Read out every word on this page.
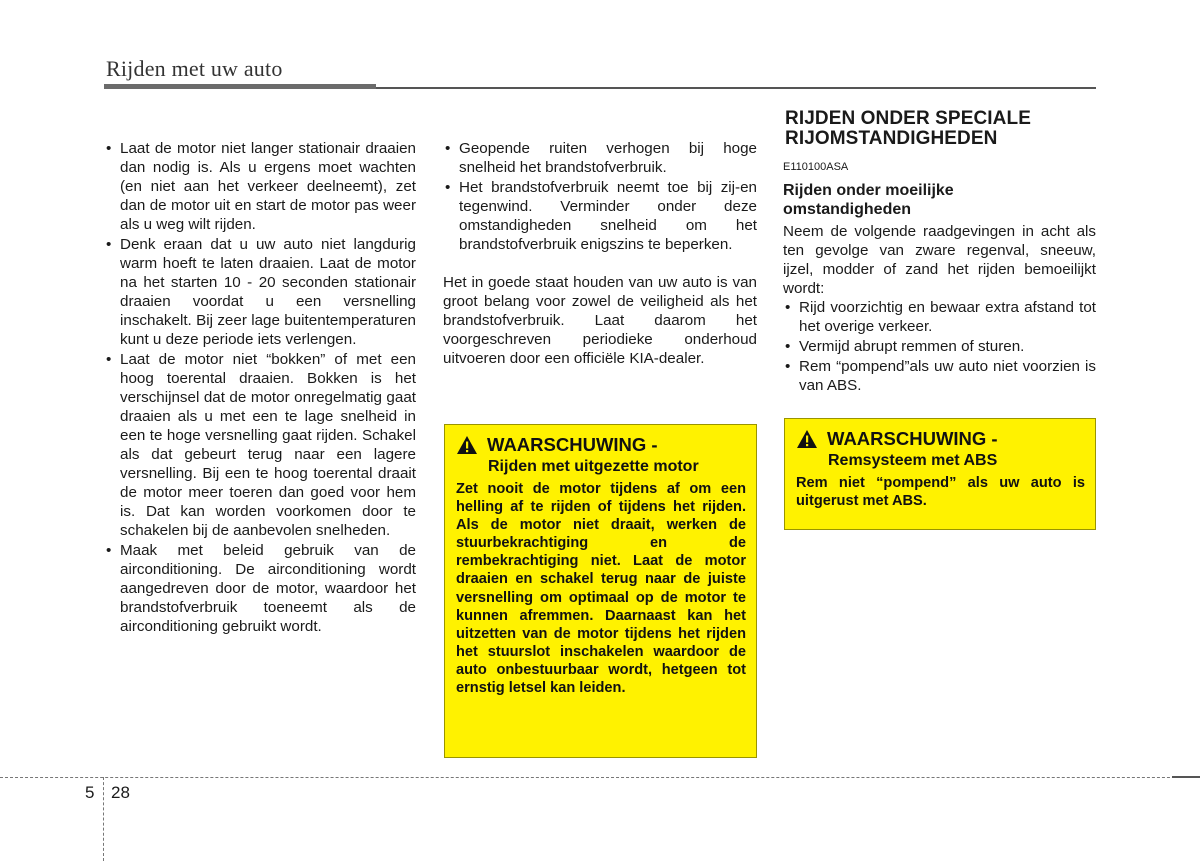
Rijden met uw auto
• Laat de motor niet langer stationair draaien dan nodig is. Als u ergens moet wachten (en niet aan het verkeer deelneemt), zet dan de motor uit en start de motor pas weer als u weg wilt rijden.
• Denk eraan dat u uw auto niet langdurig warm hoeft te laten draaien. Laat de motor na het starten 10 - 20 seconden stationair draaien voordat u een versnelling inschakelt. Bij zeer lage buitentemperaturen kunt u deze periode iets verlengen.
• Laat de motor niet “bokken” of met een hoog toerental draaien. Bokken is het verschijnsel dat de motor onregelmatig gaat draaien als u met een te lage snelheid in een te hoge versnelling gaat rijden. Schakel als dat gebeurt terug naar een lagere versnelling. Bij een te hoog toerental draait de motor meer toeren dan goed voor hem is. Dat kan worden voorkomen door te schakelen bij de aanbevolen snelheden.
• Maak met beleid gebruik van de airconditioning. De airconditioning wordt aangedreven door de motor, waardoor het brandstofverbruik toeneemt als de airconditioning gebruikt wordt.
• Geopende ruiten verhogen bij hoge snelheid het brandstofverbruik.
• Het brandstofverbruik neemt toe bij zij-en tegenwind. Verminder onder deze omstandigheden snelheid om het brandstofverbruik enigszins te beperken.

Het in goede staat houden van uw auto is van groot belang voor zowel de veiligheid als het brandstofverbruik. Laat daarom het voorgeschreven periodieke onderhoud uitvoeren door een officiële KIA-dealer.

WAARSCHUWING -
Rijden met uitgezette motor
Zet nooit de motor tijdens af om een helling af te rijden of tijdens het rijden. Als de motor niet draait, werken de stuurbekrachtiging en de rembekrachtiging niet. Laat de motor draaien en schakel terug naar de juiste versnelling om optimaal op de motor te kunnen afremmen. Daarnaast kan het uitzetten van de motor tijdens het rijden het stuurslot inschakelen waardoor de auto onbestuurbaar wordt, hetgeen tot ernstig letsel kan leiden.
RIJDEN ONDER SPECIALE
RIJOMSTANDIGHEDEN
E110100ASA
Rijden onder moeilijke
omstandigheden

Neem de volgende raadgevingen in acht als ten gevolge van zware regenval, sneeuw, ijzel, modder of zand het rijden bemoeilijkt wordt:

• Rijd voorzichtig en bewaar extra afstand tot het overige verkeer.
• Vermijd abrupt remmen of sturen.
• Rem “pompend”als uw auto niet voorzien is van ABS.
WAARSCHUWING -
Remsysteem met ABS
Rem niet “pompend” als uw auto is uitgerust met ABS.
5 28
